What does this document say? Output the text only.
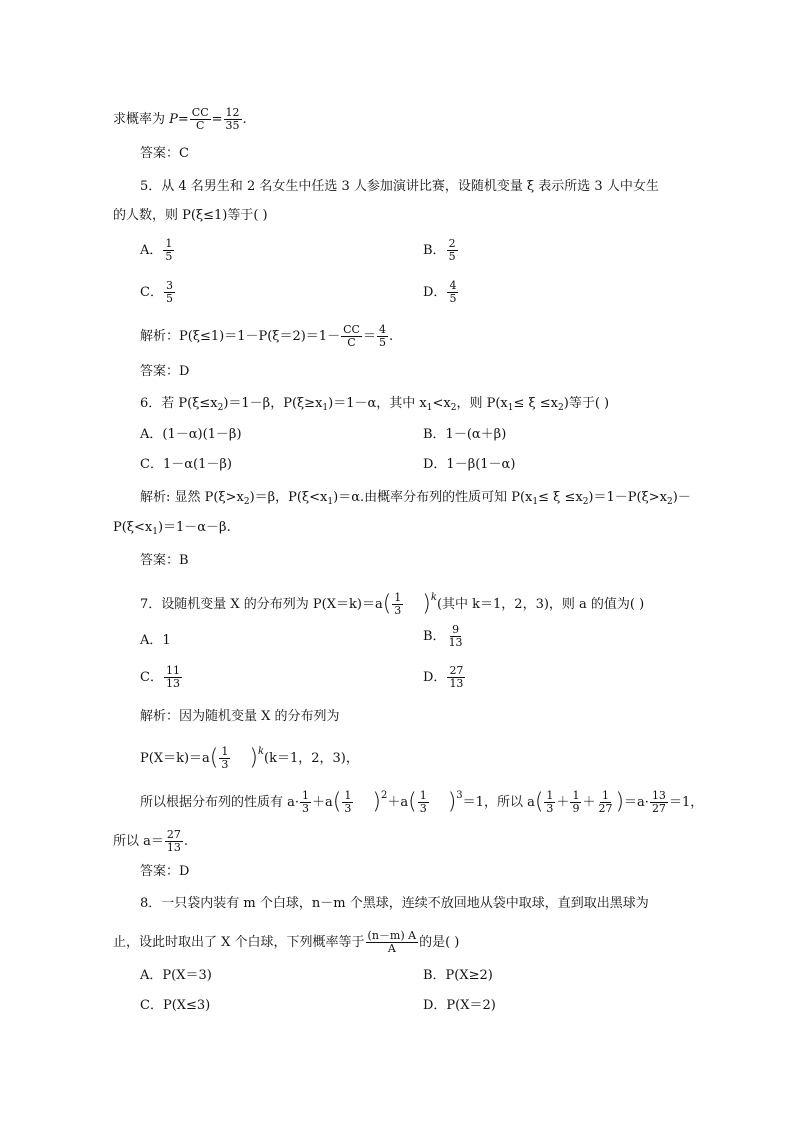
求概率为 $P= \frac{CC}{C} = \frac{12}{35}$ .
答案：C
5．从 4 名男生和 2 名女生中任选 3 人参加演讲比赛，设随机变量 ξ 表示所选 3 人中女生
的人数，则 P(ξ≤1)等于( )
A． $\frac{1}{5}$	B． $\frac{2}{5}$
C． $\frac{3}{5}$	D． $\frac{4}{5}$
解析：$P(\xi\le 1)=1-P(\xi=2)=1- \frac{CC}{C} = \frac{4}{5}$ .
答案：D
6．若 $P(\xi\le x_2)=1-\beta$，$P(\xi\ge x_1)=1-\alpha$，其中 $x_1<x_2$，则 $P(x_1\le \xi \le x_2)$等于( )
A．(1－α)(1－β)	B．1－(α＋β)
C．1－α(1－β)	D．1－β(1－α)
解析: 显然 $P(\xi>x_2)=\beta$，$P(\xi<x_1)=\alpha$.由概率分布列的性质可知 $P(x_1\le \xi \le x_2)=1-P(\xi>x_2)-$
$P(\xi<x_1)=1-\alpha-\beta$.
答案：B
7．设随机变量 X 的分布列为 $P(X=k)=a( \frac{1}{3} )^k$(其中 k＝1，2，3)，则 a 的值为( )
A．1	B． $\frac{9}{13}$
C． $\frac{11}{13}$	D． $\frac{27}{13}$
解析：因为随机变量 X 的分布列为
$P(X=k)=a( \frac{1}{3} )^k(k=1$，2，3)，
所以根据分布列的性质有 $a\cdot \frac{1}{3} +a( \frac{1}{3} )^2+a( \frac{1}{3} )^3=1$，所以 $a( \frac{1}{3} + \frac{1}{9} + \frac{1}{27} )=a\cdot \frac{13}{27} =1$，
所以 $a= \frac{27}{13}$ .
答案：D
8．一只袋内装有 m 个白球，n－m 个黑球，连续不放回地从袋中取球，直到取出黑球为
止，设此时取出了 X 个白球，下列概率等于 $\frac{(n-m) A}{A}$ 的是( )
A．P(X＝3)	B．P(X≥2)
C．P(X≤3)	D．P(X＝2)
